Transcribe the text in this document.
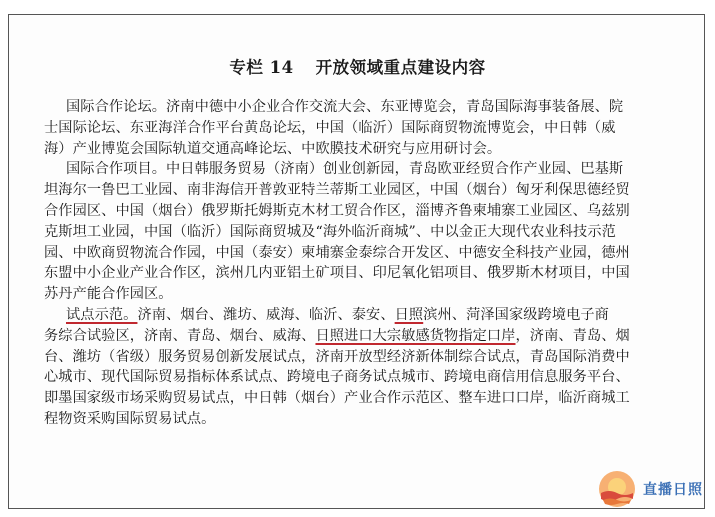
专栏 14 开放领域重点建设内容
国际合作论坛。济南中德中小企业合作交流大会、东亚博览会，青岛国际海事装备展、院
士国际论坛、东亚海洋合作平台黄岛论坛，中国（临沂）国际商贸物流博览会，中日韩（威
海）产业博览会国际轨道交通高峰论坛、中欧膜技术研究与应用研讨会。
国际合作项目。中日韩服务贸易（济南）创业创新园，青岛欧亚经贸合作产业园、巴基斯
坦海尔一鲁巴工业园、南非海信开普敦亚特兰蒂斯工业园区，中国（烟台）匈牙利保思德经贸
合作园区、中国（烟台）俄罗斯托姆斯克木材工贸合作区，淄博齐鲁柬埔寨工业园区、乌兹别
克斯坦工业园，中国（临沂）国际商贸城及“海外临沂商城”、中以金正大现代农业科技示范
园、中欧商贸物流合作园，中国（泰安）柬埔寨金泰综合开发区、中德安全科技产业园，德州
东盟中小企业产业合作区，滨州几内亚铝土矿项目、印尼氧化铝项目、俄罗斯木材项目，中国
苏丹产能合作园区。
试点示范。济南、烟台、潍坊、威海、临沂、泰安、日照滨州、菏泽国家级跨境电子商
务综合试验区，济南、青岛、烟台、威海、日照进口大宗敏感货物指定口岸，济南、青岛、烟
台、潍坊（省级）服务贸易创新发展试点，济南开放型经济新体制综合试点，青岛国际消费中
心城市、现代国际贸易指标体系试点、跨境电子商务试点城市、跨境电商信用信息服务平台、
即墨国家级市场采购贸易试点，中日韩（烟台）产业合作示范区、整车进口口岸，临沂商城工
程物资采购国际贸易试点。
直播日照
